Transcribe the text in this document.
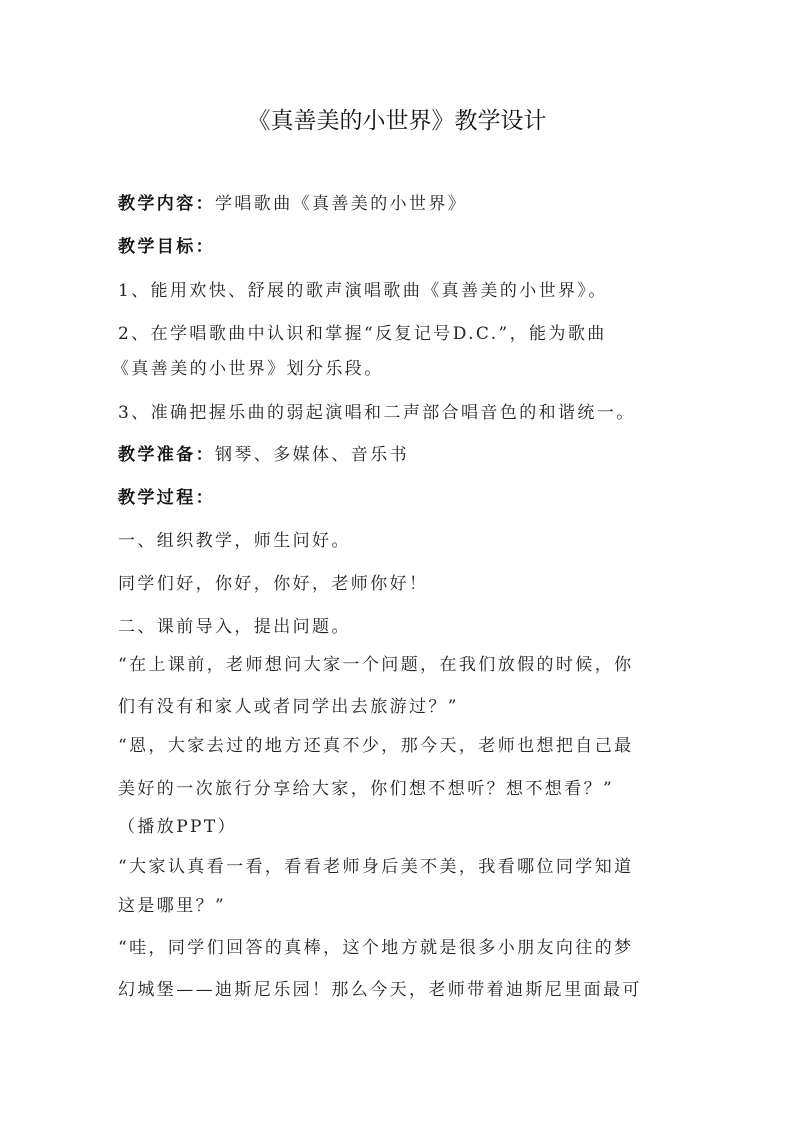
《真善美的小世界》教学设计
教学内容：学唱歌曲《真善美的小世界》
教学目标：
1、能用欢快、舒展的歌声演唱歌曲《真善美的小世界》。
2、在学唱歌曲中认识和掌握“反复记号D.C.”，能为歌曲
《真善美的小世界》划分乐段。
3、准确把握乐曲的弱起演唱和二声部合唱音色的和谐统一。
教学准备：钢琴、多媒体、音乐书
教学过程：
一、组织教学，师生问好。
同学们好，你好，你好，老师你好！
二、课前导入，提出问题。
“在上课前，老师想问大家一个问题，在我们放假的时候，你
们有没有和家人或者同学出去旅游过？”
“恩，大家去过的地方还真不少，那今天，老师也想把自己最
美好的一次旅行分享给大家，你们想不想听？想不想看？”
（播放PPT）
“大家认真看一看，看看老师身后美不美，我看哪位同学知道
这是哪里？”
“哇，同学们回答的真棒，这个地方就是很多小朋友向往的梦
幻城堡——迪斯尼乐园！那么今天，老师带着迪斯尼里面最可
